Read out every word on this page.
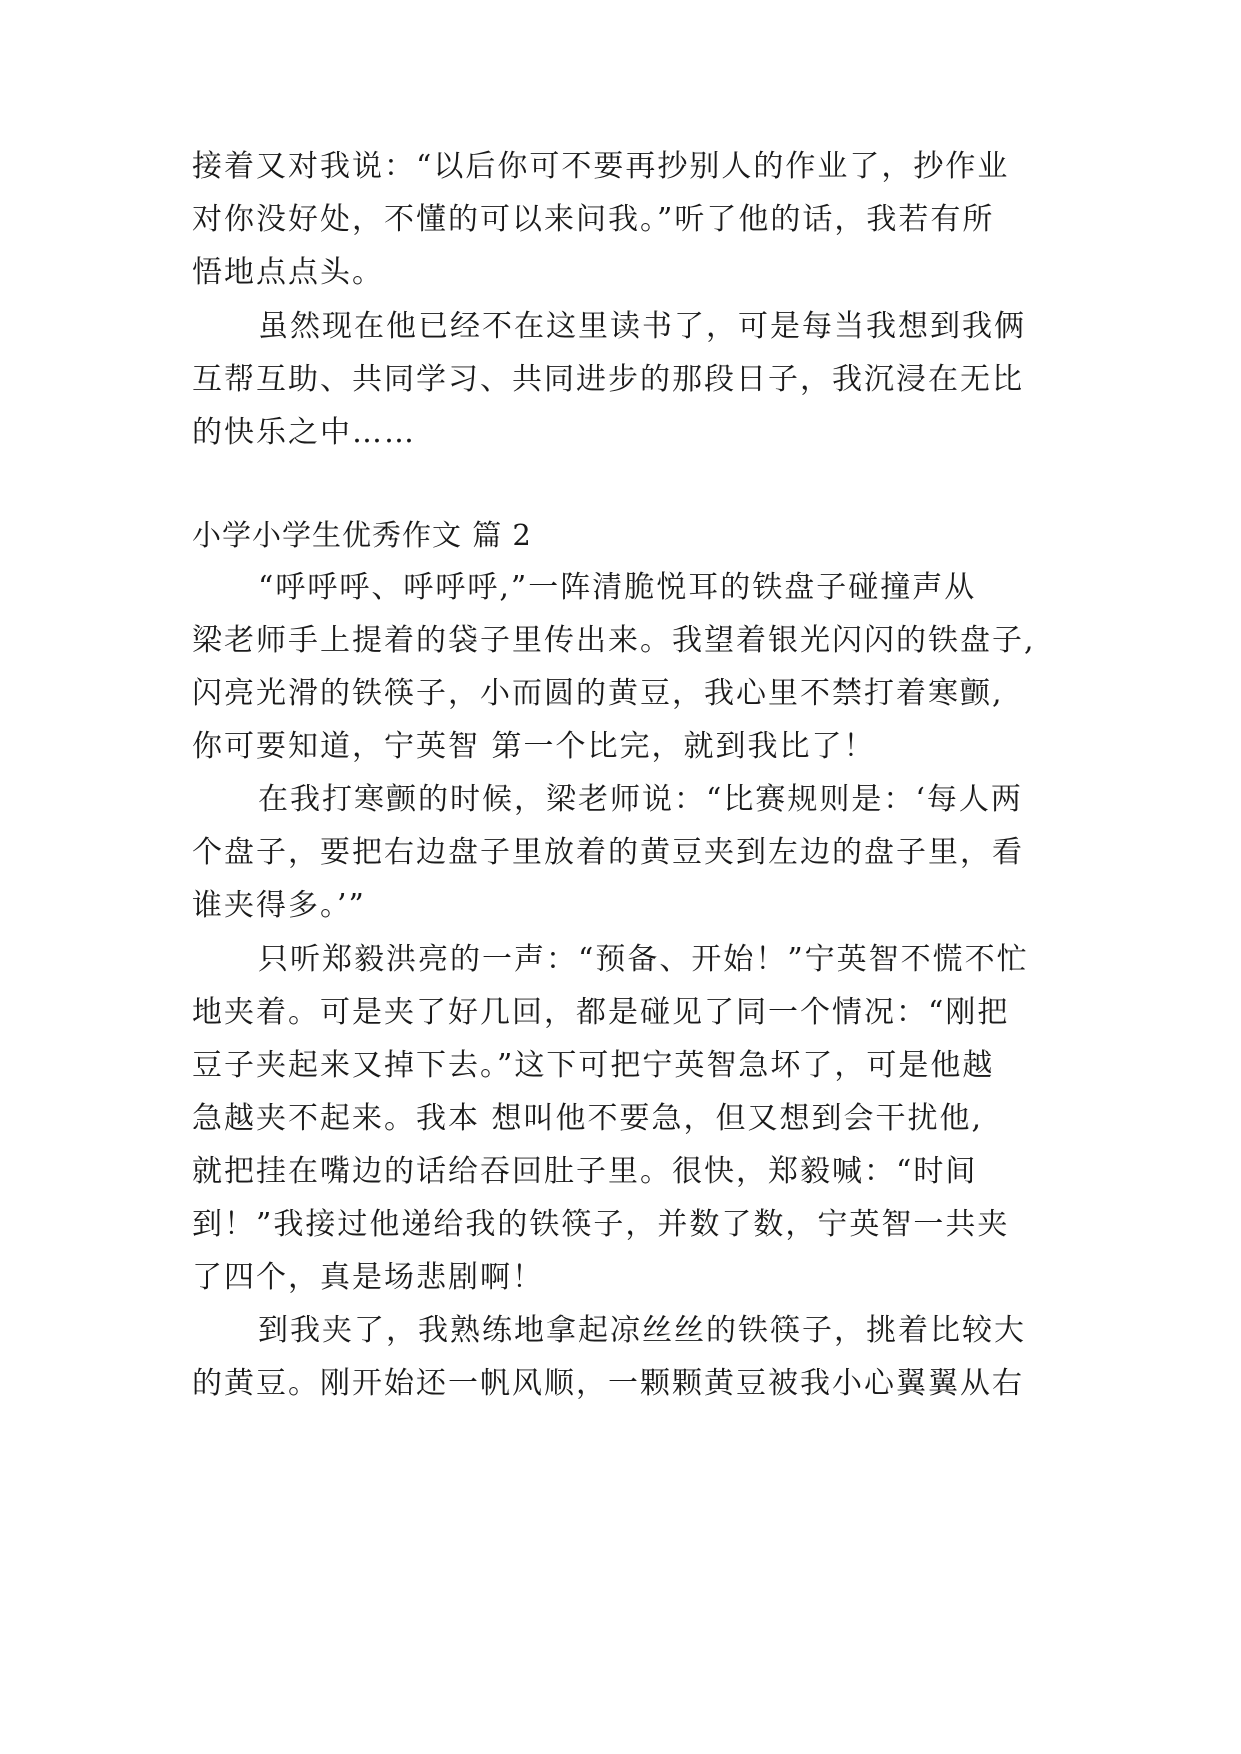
接着又对我说：“以后你可不要再抄别人的作业了，抄作业
对你没好处，不懂的可以来问我。”听了他的话，我若有所
悟地点点头。
虽然现在他已经不在这里读书了，可是每当我想到我俩
互帮互助、共同学习、共同进步的那段日子，我沉浸在无比
的快乐之中……
小学小学生优秀作文 篇 2
“呼呼呼、呼呼呼,”一阵清脆悦耳的铁盘子碰撞声从
梁老师手上提着的袋子里传出来。我望着银光闪闪的铁盘子,
闪亮光滑的铁筷子，小而圆的黄豆，我心里不禁打着寒颤,
你可要知道，宁英智 第一个比完，就到我比了！
在我打寒颤的时候，梁老师说：“比赛规则是：‘每人两
个盘子，要把右边盘子里放着的黄豆夹到左边的盘子里，看
谁夹得多。’”
只听郑毅洪亮的一声：“预备、开始！”宁英智不慌不忙
地夹着。可是夹了好几回，都是碰见了同一个情况：“刚把
豆子夹起来又掉下去。”这下可把宁英智急坏了，可是他越
急越夹不起来。我本 想叫他不要急，但又想到会干扰他,
就把挂在嘴边的话给吞回肚子里。很快，郑毅喊：“时间
到！”我接过他递给我的铁筷子，并数了数，宁英智一共夹
了四个，真是场悲剧啊！
到我夹了，我熟练地拿起凉丝丝的铁筷子，挑着比较大
的黄豆。刚开始还一帆风顺，一颗颗黄豆被我小心翼翼从右
